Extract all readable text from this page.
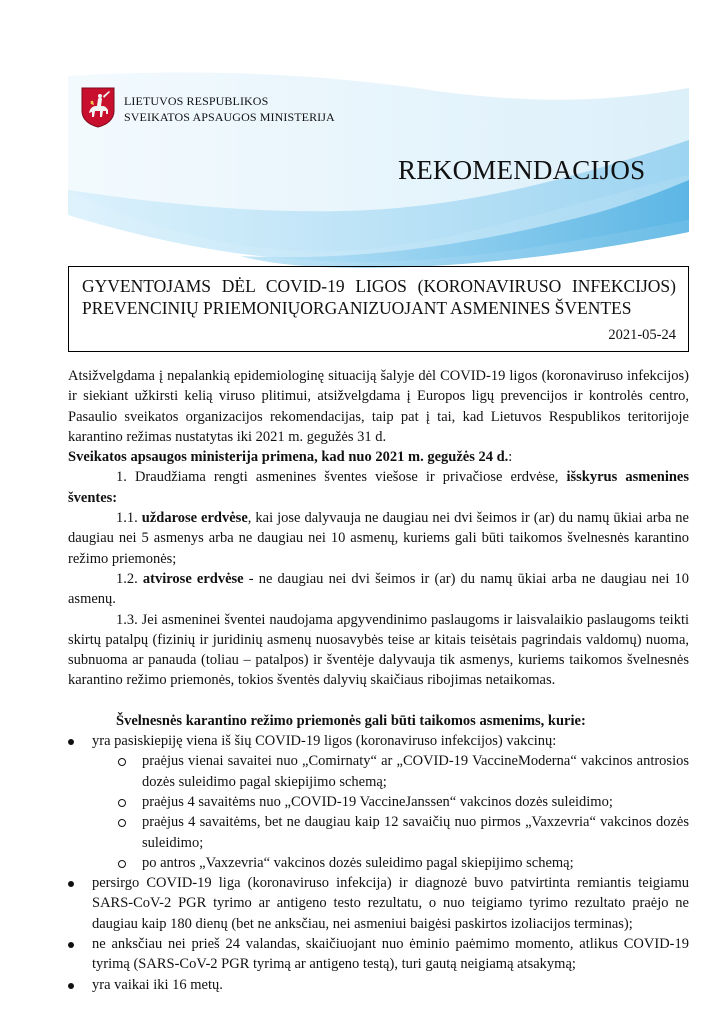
LIETUVOS RESPUBLIKOS
SVEIKATOS APSAUGOS MINISTERIJA
REKOMENDACIJOS
GYVENTOJAMS DĖL COVID-19 LIGOS (KORONAVIRUSO INFEKCIJOS)
PREVENCINIŲ PRIEMONIŲORGANIZUOJANT ASMENINES ŠVENTES
2021-05-24

Atsižvelgdama į nepalankią epidemiologinę situaciją šalyje dėl COVID-19 ligos (koronaviruso infekcijos) ir siekiant užkirsti kelią viruso plitimui, atsižvelgdama į Europos ligų prevencijos ir kontrolės centro, Pasaulio sveikatos organizacijos rekomendacijas, taip pat į tai, kad Lietuvos Respublikos teritorijoje karantino režimas nustatytas iki 2021 m. gegužės 31 d.

Sveikatos apsaugos ministerija primena, kad nuo 2021 m. gegužės 24 d.:

1. Draudžiama rengti asmenines šventes viešose ir privačiose erdvėse, išskyrus asmenines šventes:

1.1. uždarose erdvėse, kai jose dalyvauja ne daugiau nei dvi šeimos ir (ar) du namų ūkiai arba ne daugiau nei 5 asmenys arba ne daugiau nei 10 asmenų, kuriems gali būti taikomos švelnesnės karantino režimo priemonės;

1.2. atvirose erdvėse - ne daugiau nei dvi šeimos ir (ar) du namų ūkiai arba ne daugiau nei 10 asmenų.

1.3. Jei asmeninei šventei naudojama apgyvendinimo paslaugoms ir laisvalaikio paslaugoms teikti skirtų patalpų (fizinių ir juridinių asmenų nuosavybės teise ar kitais teisėtais pagrindais valdomų) nuoma, subnuoma ar panauda (toliau – patalpos) ir šventėje dalyvauja tik asmenys, kuriems taikomos švelnesnės karantino režimo priemonės, tokios šventės dalyvių skaičiaus ribojimas netaikomas.

Švelnesnės karantino režimo priemonės gali būti taikomos asmenims, kurie:

yra pasiskiepiję viena iš šių COVID-19 ligos (koronaviruso infekcijos) vakcinų:
praėjus vienai savaitei nuo „Comirnaty“ ar „COVID-19 VaccineModerna“ vakcinos antrosios dozės suleidimo pagal skiepijimo schemą;
praėjus 4 savaitėms nuo „COVID-19 VaccineJanssen“ vakcinos dozės suleidimo;
praėjus 4 savaitėms, bet ne daugiau kaip 12 savaičių nuo pirmos „Vaxzevria“ vakcinos dozės suleidimo;
po antros „Vaxzevria“ vakcinos dozės suleidimo pagal skiepijimo schemą;
persirgo COVID-19 liga (koronaviruso infekcija) ir diagnozė buvo patvirtinta remiantis teigiamu SARS-CoV-2 PGR tyrimo ar antigeno testo rezultatu, o nuo teigiamo tyrimo rezultato praėjo ne daugiau kaip 180 dienų (bet ne anksčiau, nei asmeniui baigėsi paskirtos izoliacijos terminas);
ne anksčiau nei prieš 24 valandas, skaičiuojant nuo ėminio paėmimo momento, atlikus COVID-19 tyrimą (SARS-CoV-2 PGR tyrimą ar antigeno testą), turi gautą neigiamą atsakymą;
yra vaikai iki 16 metų.
